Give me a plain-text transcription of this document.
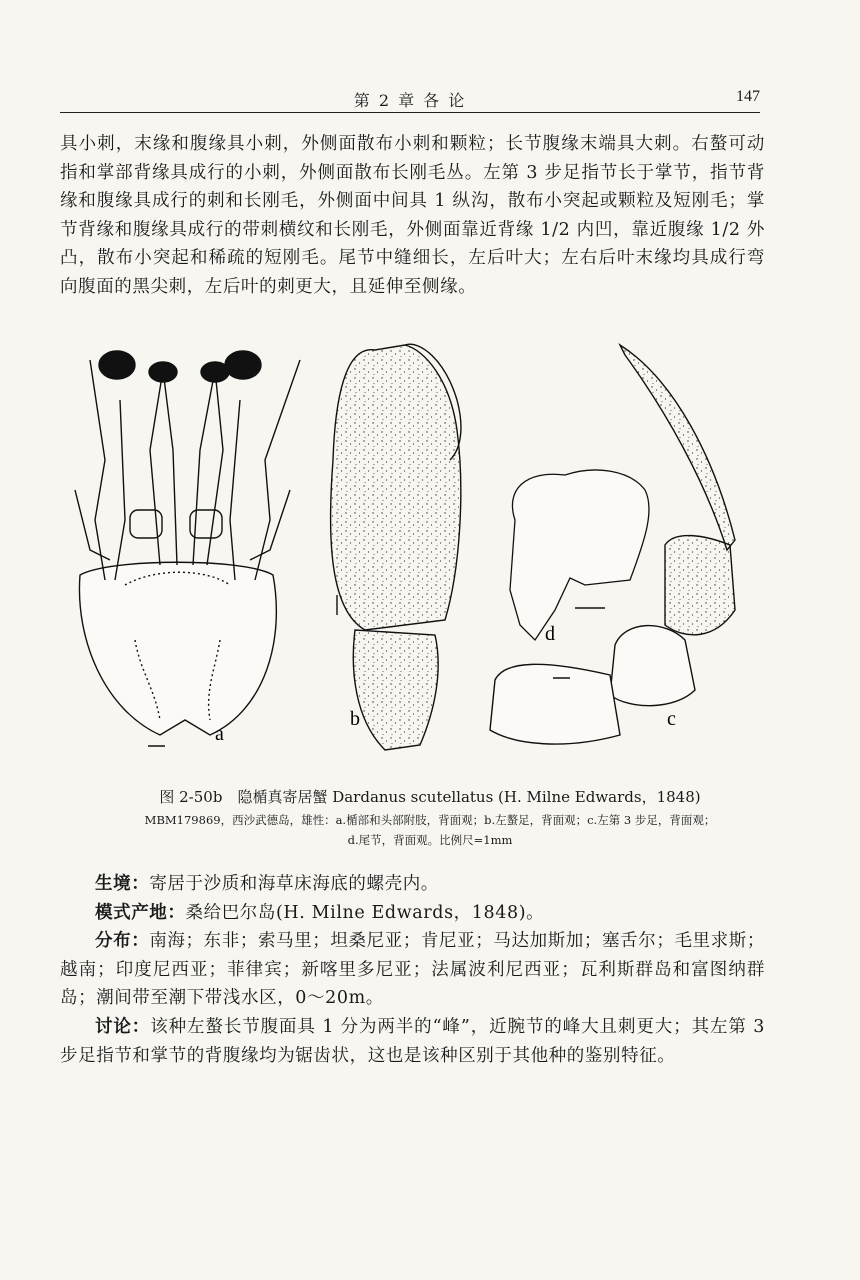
第 2 章 各 论	147
具小刺，末缘和腹缘具小刺，外侧面散布小刺和颗粒；长节腹缘末端具大刺。右螯可动指和掌部背缘具成行的小刺，外侧面散布长刚毛丛。左第 3 步足指节长于掌节，指节背缘和腹缘具成行的刺和长刚毛，外侧面中间具 1 纵沟，散布小突起或颗粒及短刚毛；掌节背缘和腹缘具成行的带刺横纹和长刚毛，外侧面靠近背缘 1/2 内凹，靠近腹缘 1/2 外凸，散布小突起和稀疏的短刚毛。尾节中缝细长，左后叶大；左右后叶末缘均具成行弯向腹面的黑尖刺，左后叶的刺更大，且延伸至侧缘。
a
b
d
c
图 2-50b　隐楯真寄居蟹 Dardanus scutellatus (H. Milne Edwards，1848)
MBM179869，西沙武德岛，雄性：a.楯部和头部附肢，背面观；b.左螯足，背面观；c.左第 3 步足，背面观；
d.尾节，背面观。比例尺=1mm
生境：寄居于沙质和海草床海底的螺壳内。
模式产地：桑给巴尔岛(H. Milne Edwards，1848)。
分布：南海；东非；索马里；坦桑尼亚；肯尼亚；马达加斯加；塞舌尔；毛里求斯；越南；印度尼西亚；菲律宾；新喀里多尼亚；法属波利尼西亚；瓦利斯群岛和富图纳群岛；潮间带至潮下带浅水区，0～20m。
讨论：该种左螯长节腹面具 1 分为两半的“峰”，近腕节的峰大且刺更大；其左第 3 步足指节和掌节的背腹缘均为锯齿状，这也是该种区别于其他种的鉴别特征。
